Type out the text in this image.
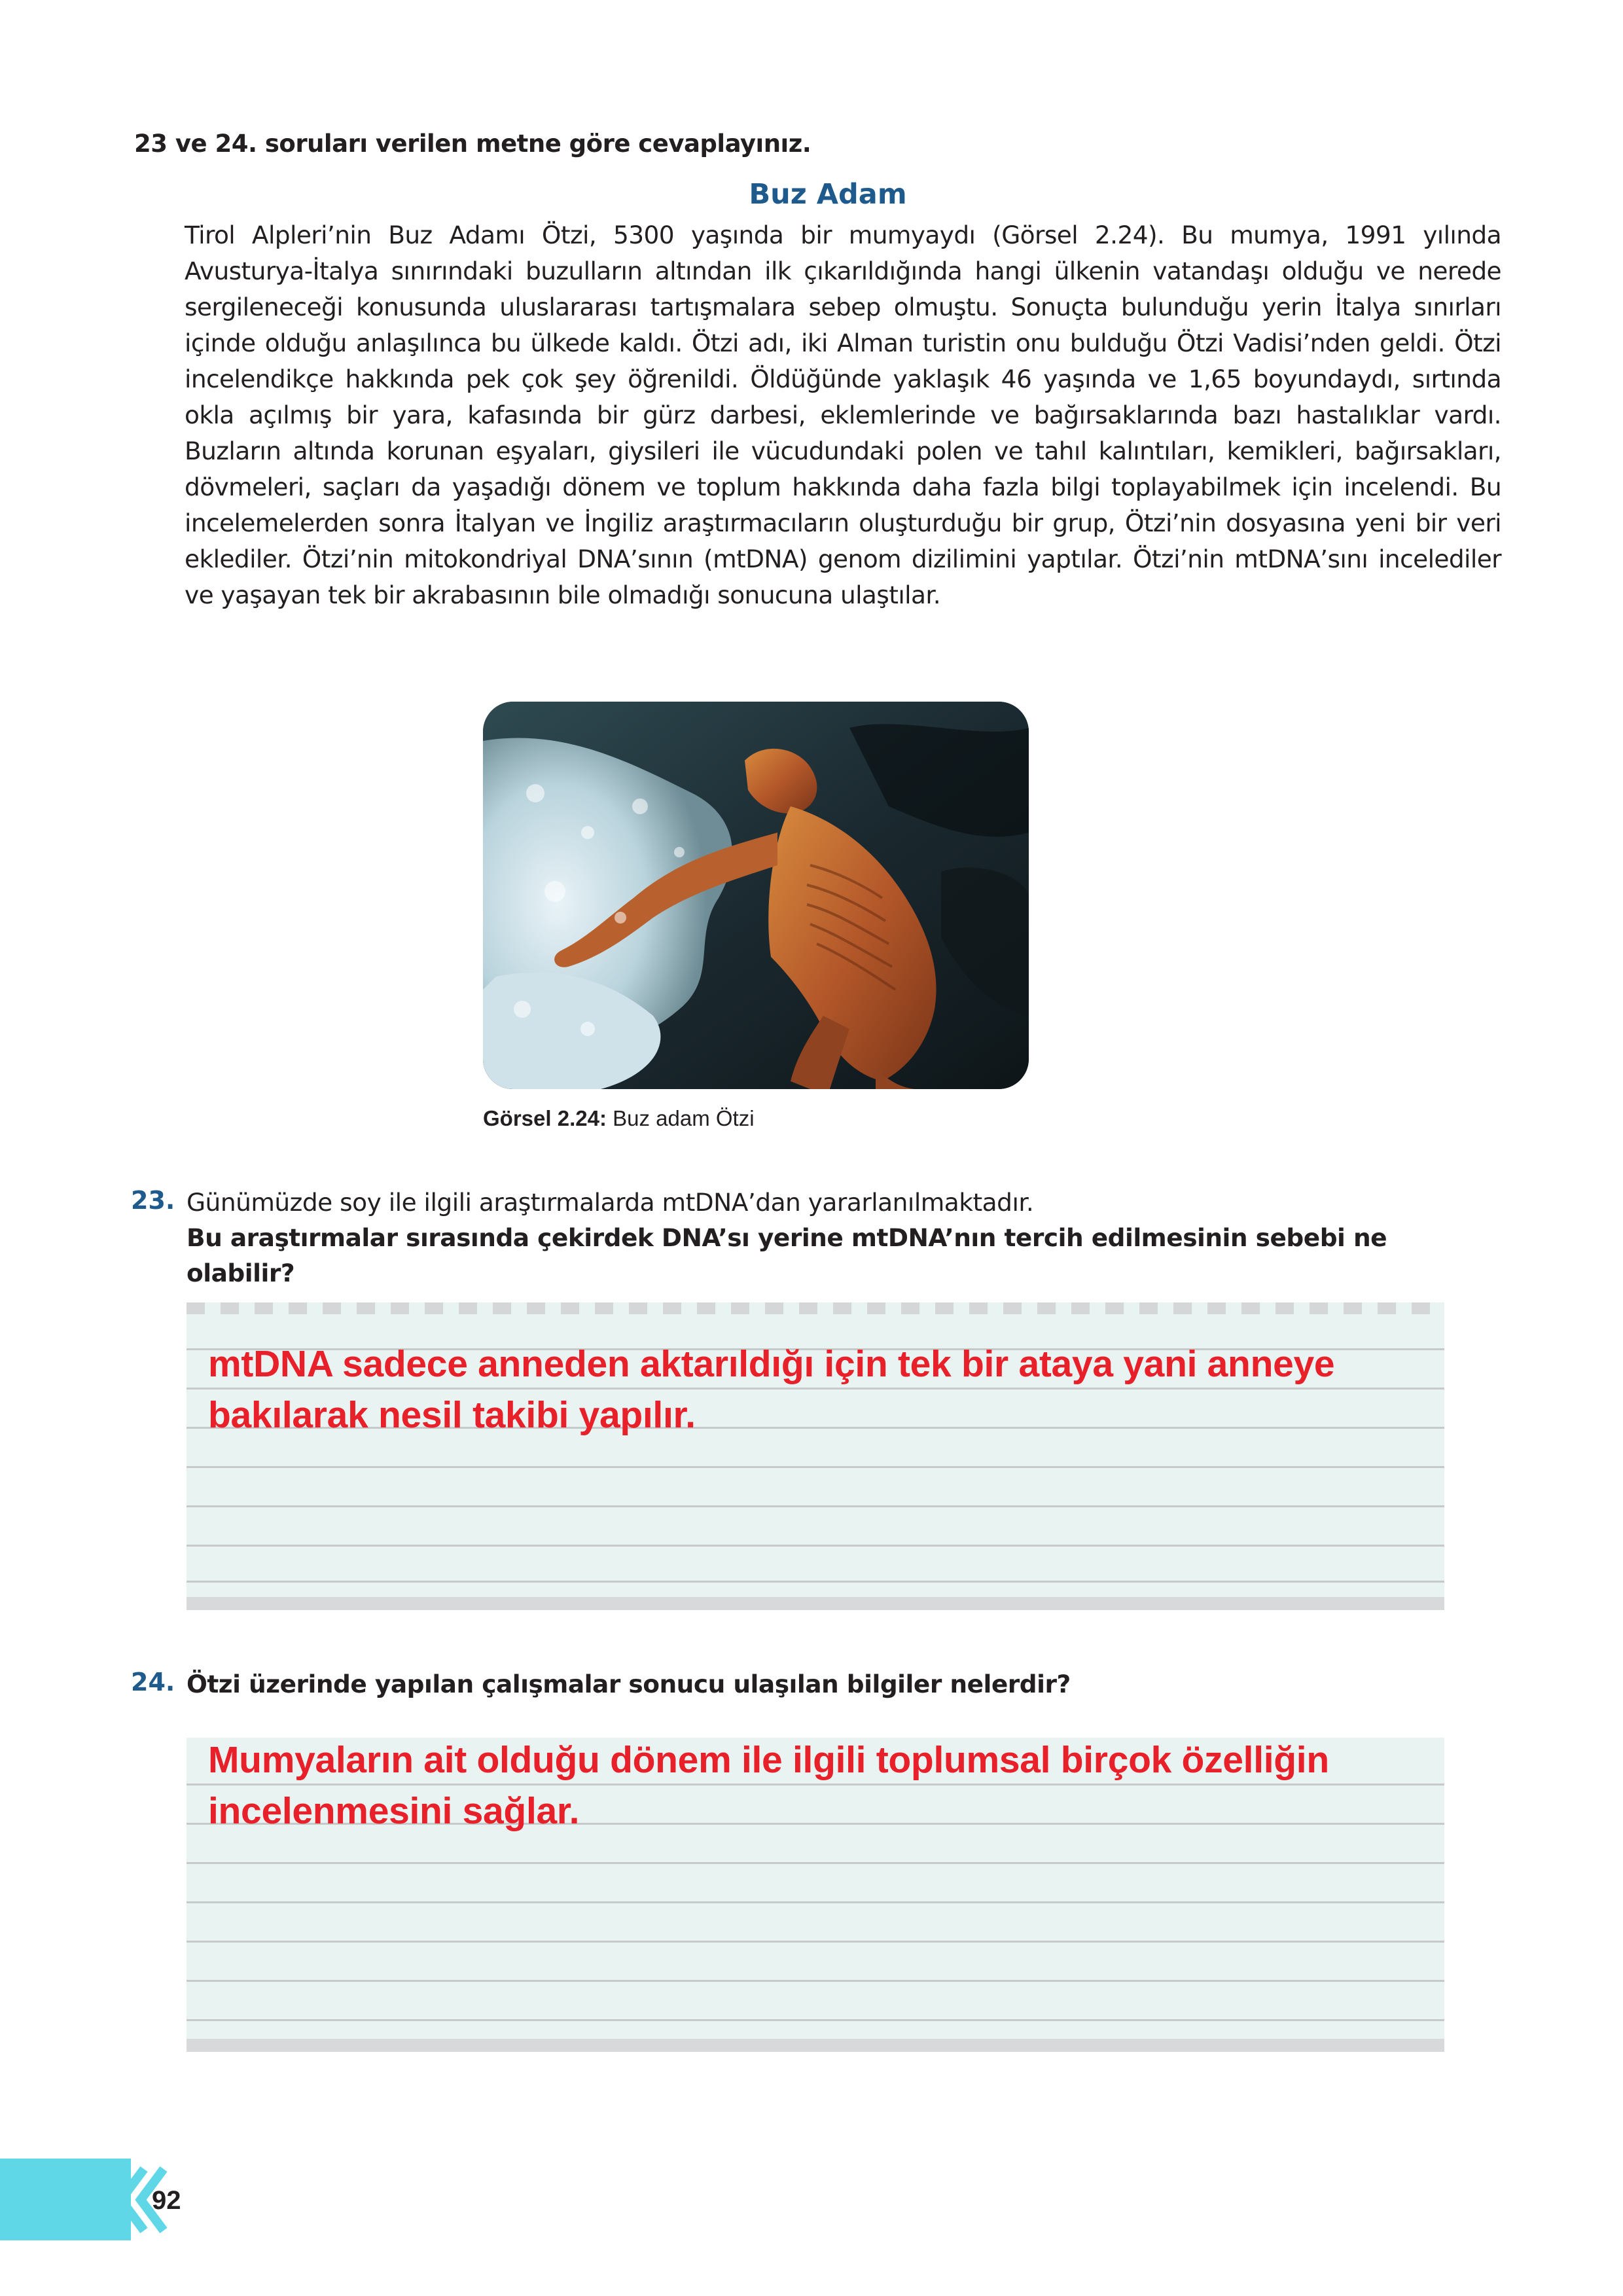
23 ve 24. soruları verilen metne göre cevaplayınız.
Buz Adam
Tirol Alpleri’nin Buz Adamı Ötzi, 5300 yaşında bir mumyaydı (Görsel 2.24). Bu mumya, 1991 yılında Avusturya-İtalya sınırındaki buzulların altından ilk çıkarıldığında hangi ülkenin vatandaşı olduğu ve nerede sergileneceği konusunda uluslararası tartışmalara sebep olmuştu. Sonuçta bulunduğu yerin İtalya sınırları içinde olduğu anlaşılınca bu ülkede kaldı. Ötzi adı, iki Alman turistin onu bulduğu Ötzi Vadisi’nden geldi. Ötzi incelendikçe hakkında pek çok şey öğrenildi. Öldüğünde yaklaşık 46 yaşında ve 1,65 boyundaydı, sırtında okla açılmış bir yara, kafasında bir gürz darbesi, eklemlerinde ve bağırsaklarında bazı hastalıklar vardı. Buzların altında korunan eşyaları, giysileri ile vücudundaki polen ve tahıl kalıntıları, kemikleri, bağırsakları, dövmeleri, saçları da yaşadığı dönem ve toplum hakkında daha fazla bilgi toplayabilmek için incelendi. Bu incelemelerden sonra İtalyan ve İngiliz araştırmacıların oluşturduğu bir grup, Ötzi’nin dosyasına yeni bir veri eklediler. Ötzi’nin mitokondriyal DNA’sının (mtDNA) genom dizilimini yaptılar. Ötzi’nin mtDNA’sını incelediler ve yaşayan tek bir akrabasının bile olmadığı sonucuna ulaştılar.
Görsel 2.24: Buz adam Ötzi
23. Günümüzde soy ile ilgili araştırmalarda mtDNA’dan yararlanılmaktadır.
Bu araştırmalar sırasında çekirdek DNA’sı yerine mtDNA’nın tercih edilmesinin sebebi ne olabilir?
mtDNA sadece anneden aktarıldığı için tek bir ataya yani anneye bakılarak nesil takibi yapılır.
24. Ötzi üzerinde yapılan çalışmalar sonucu ulaşılan bilgiler nelerdir?
Mumyaların ait olduğu dönem ile ilgili toplumsal birçok özelliğin incelenmesini sağlar.
92
